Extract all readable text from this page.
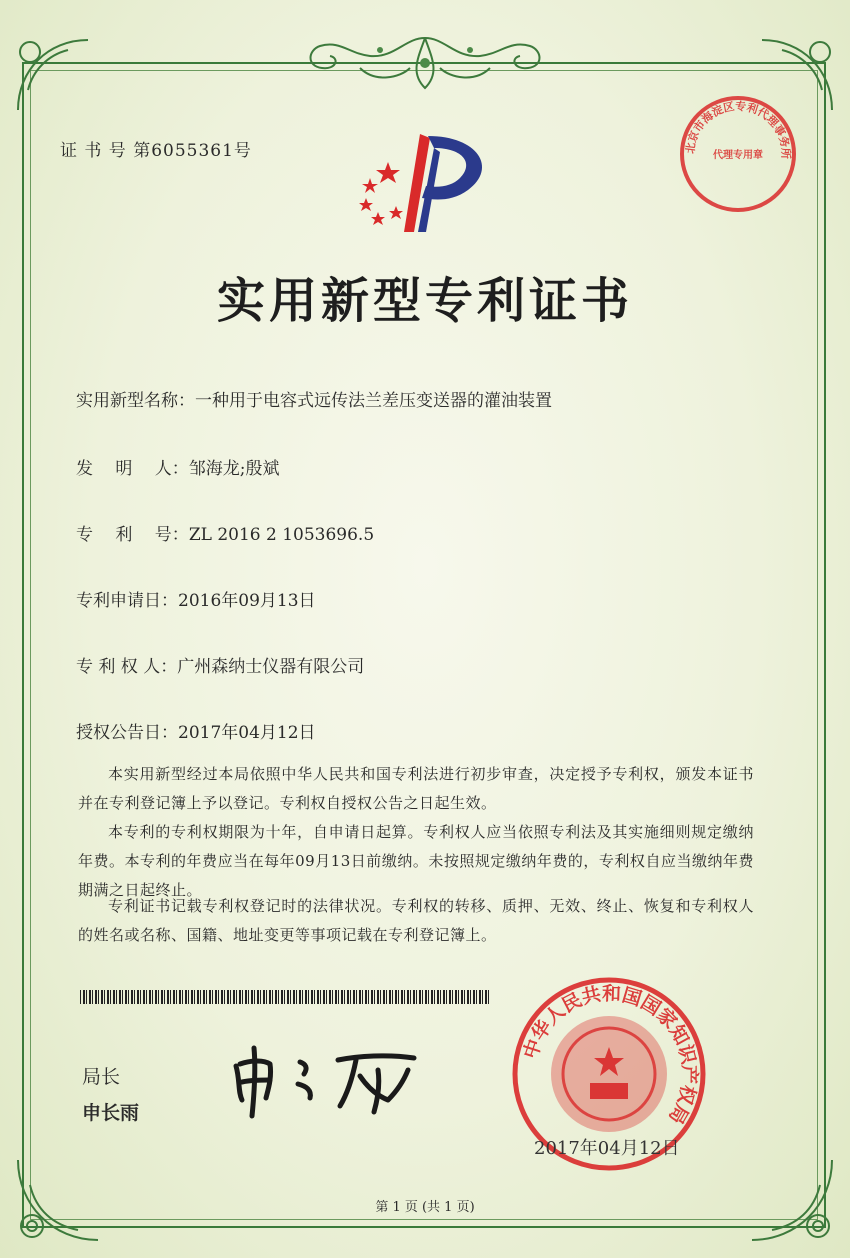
证 书 号 第6055361号	北京市海淀区专利代理事务所
代理专用章
实用新型专利证书
实用新型名称：一种用于电容式远传法兰差压变送器的灌油装置
发　 明 　人：邹海龙;殷斌
专　 利 　号：ZL 2016 2 1053696.5
专利申请日：2016年09月13日
专 利 权 人：广州森纳士仪器有限公司
授权公告日：2017年04月12日
本实用新型经过本局依照中华人民共和国专利法进行初步审查，决定授予专利权，颁发本证书并在专利登记簿上予以登记。专利权自授权公告之日起生效。
本专利的专利权期限为十年，自申请日起算。专利权人应当依照专利法及其实施细则规定缴纳年费。本专利的年费应当在每年09月13日前缴纳。未按照规定缴纳年费的，专利权自应当缴纳年费期满之日起终止。
专利证书记载专利权登记时的法律状况。专利权的转移、质押、无效、终止、恢复和专利权人的姓名或名称、国籍、地址变更等事项记载在专利登记簿上。
局长
申长雨
中华人民共和国国家知识产权局
2017年04月12日
第 1 页 (共 1 页)
